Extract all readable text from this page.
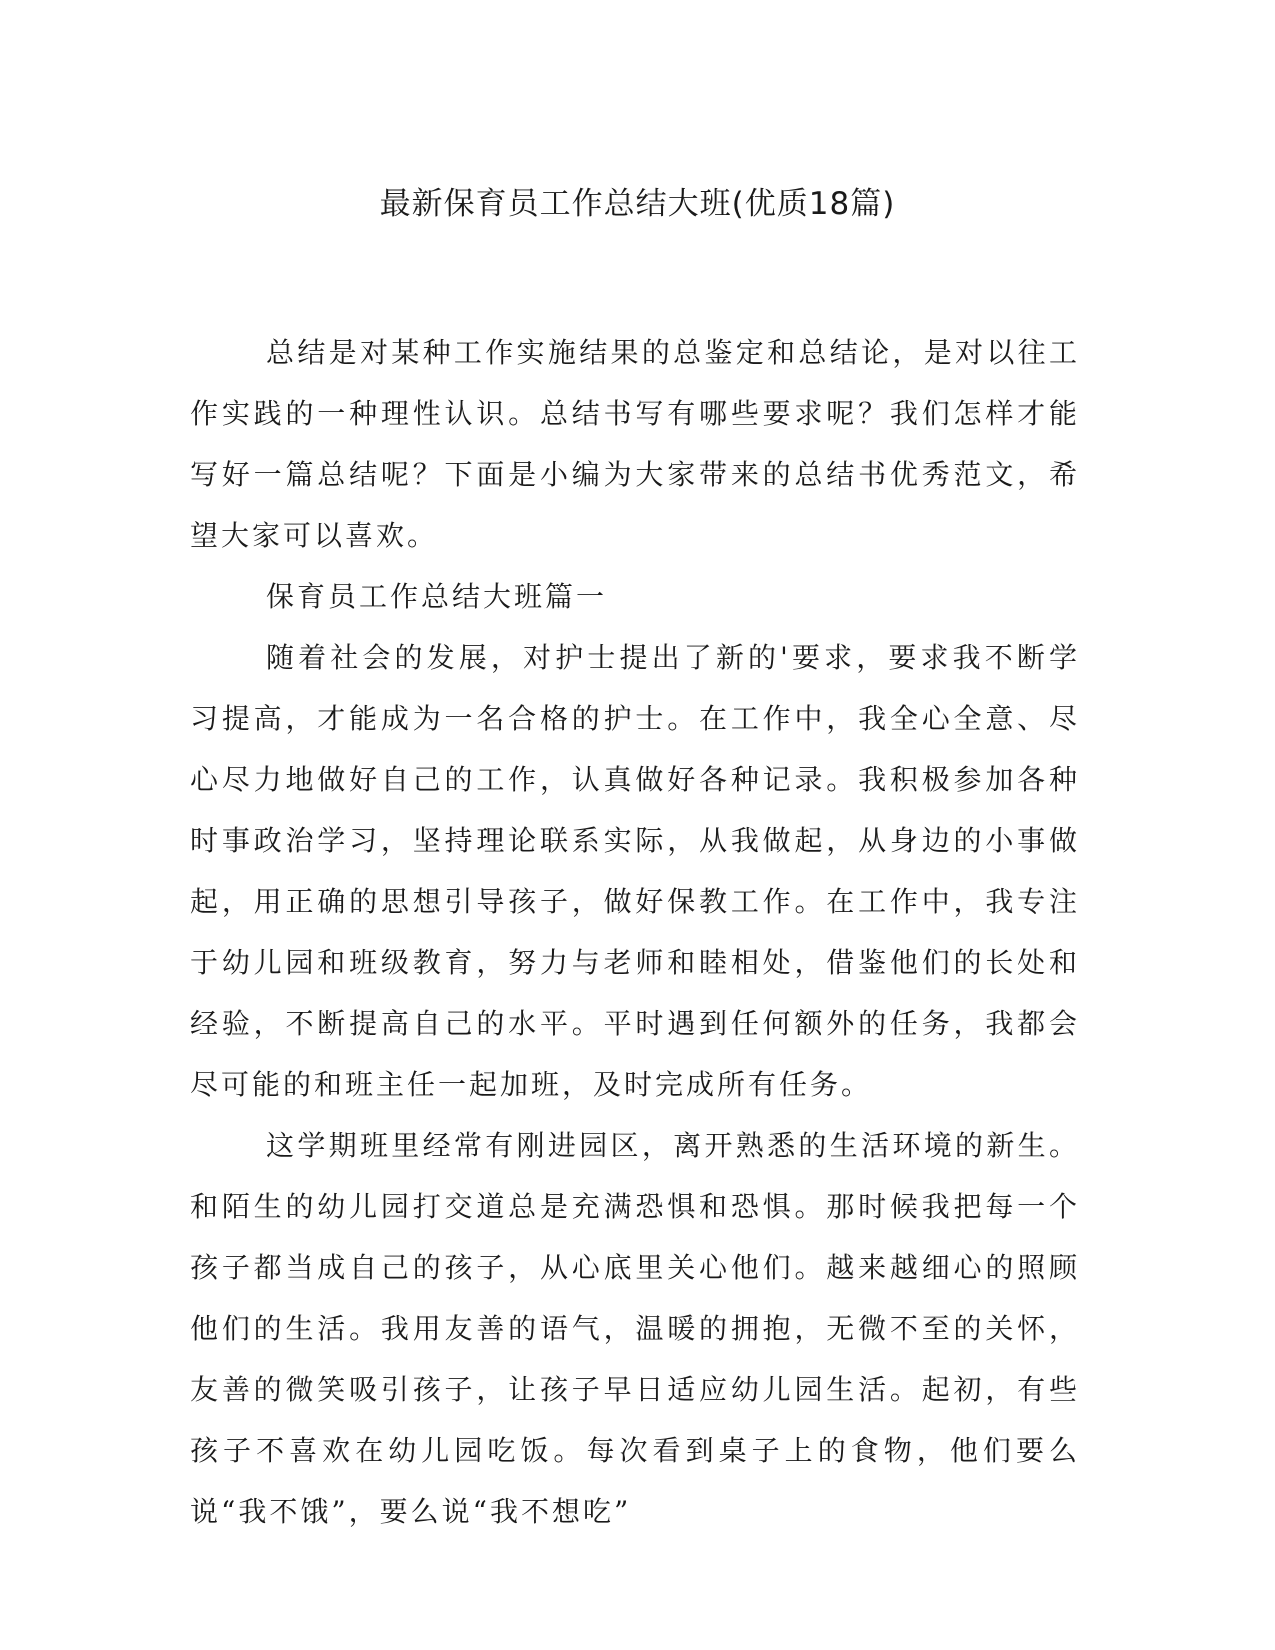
最新保育员工作总结大班(优质18篇)

总结是对某种工作实施结果的总鉴定和总结论，是对以往工作实践的一种理性认识。总结书写有哪些要求呢？我们怎样才能写好一篇总结呢？下面是小编为大家带来的总结书优秀范文，希望大家可以喜欢。

保育员工作总结大班篇一

随着社会的发展，对护士提出了新的'要求，要求我不断学习提高，才能成为一名合格的护士。在工作中，我全心全意、尽心尽力地做好自己的工作，认真做好各种记录。我积极参加各种时事政治学习，坚持理论联系实际，从我做起，从身边的小事做起，用正确的思想引导孩子，做好保教工作。在工作中，我专注于幼儿园和班级教育，努力与老师和睦相处，借鉴他们的长处和经验，不断提高自己的水平。平时遇到任何额外的任务，我都会尽可能的和班主任一起加班，及时完成所有任务。

这学期班里经常有刚进园区，离开熟悉的生活环境的新生。和陌生的幼儿园打交道总是充满恐惧和恐惧。那时候我把每一个孩子都当成自己的孩子，从心底里关心他们。越来越细心的照顾他们的生活。我用友善的语气，温暖的拥抱，无微不至的关怀，友善的微笑吸引孩子，让孩子早日适应幼儿园生活。起初，有些孩子不喜欢在幼儿园吃饭。每次看到桌子上的食物，他们要么说“我不饿”，要么说“我不想吃”
